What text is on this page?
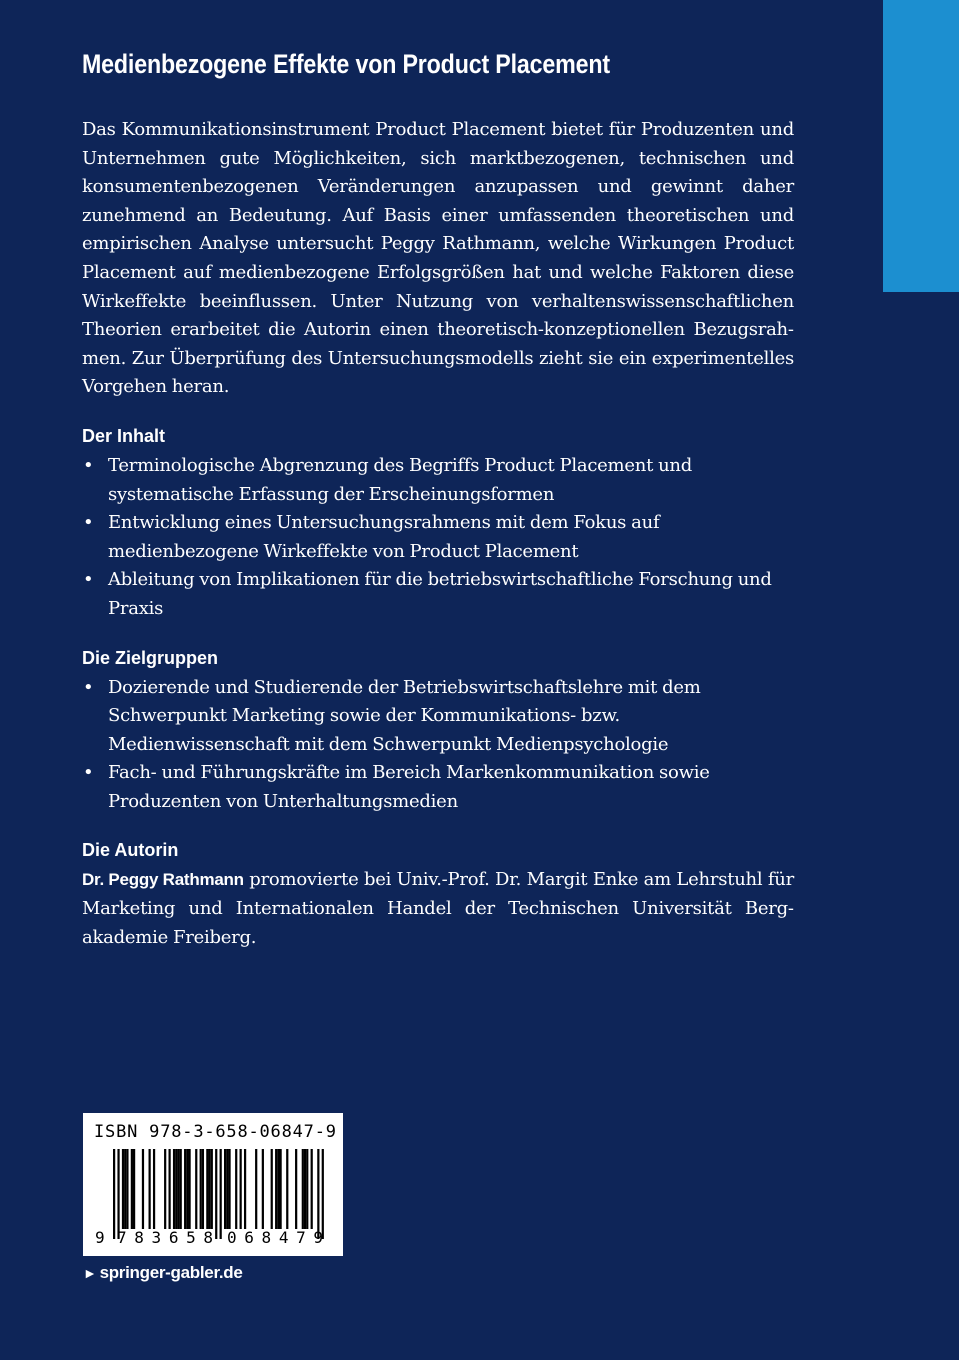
Medienbezogene Effekte von Product Placement

Das Kommunikationsinstrument Product Placement bietet für Produzenten und Unternehmen gute Möglichkeiten, sich marktbezogenen, technischen und konsumentenbezogenen Veränderungen anzupassen und gewinnt daher zunehmend an Bedeutung. Auf Basis einer umfassenden theoretischen und empirischen Analyse untersucht Peggy Rathmann, welche Wirkungen Product Placement auf medienbezogene Erfolgsgrößen hat und welche Faktoren diese Wirkeffekte beeinflussen. Unter Nutzung von verhaltenswissenschaftlichen Theorien erarbeitet die Autorin einen theoretisch-konzeptionellen Bezugsrahmen. Zur Überprüfung des Untersuchungsmodells zieht sie ein experimentelles Vorgehen heran.

Der Inhalt
• Terminologische Abgrenzung des Begriffs Product Placement und systematische Erfassung der Erscheinungsformen
• Entwicklung eines Untersuchungsrahmens mit dem Fokus auf medienbezogene Wirkeffekte von Product Placement
• Ableitung von Implikationen für die betriebswirtschaftliche Forschung und Praxis
Die Zielgruppen
• Dozierende und Studierende der Betriebswirtschaftslehre mit dem Schwerpunkt Marketing sowie der Kommunikations- bzw. Medienwissenschaft mit dem Schwerpunkt Medienpsychologie
• Fach- und Führungskräfte im Bereich Markenkommunikation sowie Produzenten von Unterhaltungsmedien
Die Autorin

Dr. Peggy Rathmann promovierte bei Univ.-Prof. Dr. Margit Enke am Lehrstuhl für Marketing und Internationalen Handel der Technischen Universität Bergakademie Freiberg.

ISBN 978-3-658-06847-9
9 783658 068479
► springer-gabler.de
